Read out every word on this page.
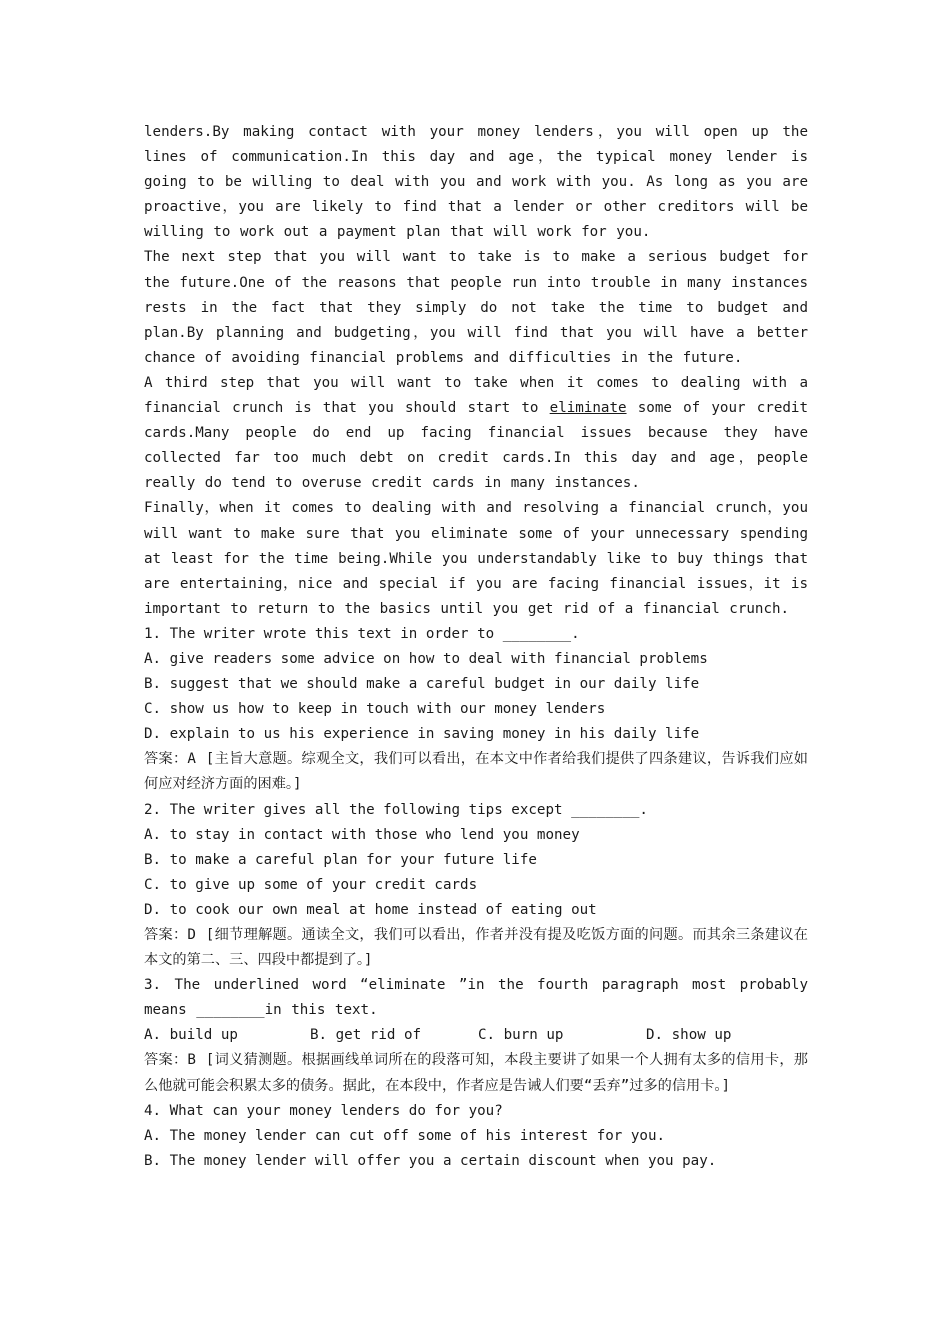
lenders.By making contact with your money lenders，you will open up the lines of communication.In this day and age，the typical money lender is going to be willing to deal with you and work with you. As long as you are proactive，you are likely to find that a lender or other creditors will be willing to work out a payment plan that will work for you.

The next step that you will want to take is to make a serious budget for the future.One of the reasons that people run into trouble in many instances rests in the fact that they simply do not take the time to budget and plan.By planning and budgeting，you will find that you will have a better chance of avoiding financial problems and difficulties in the future.

A third step that you will want to take when it comes to dealing with a financial crunch is that you should start to eliminate some of your credit cards.Many people do end up facing financial issues because they have collected far too much debt on credit cards.In this day and age，people really do tend to overuse credit cards in many instances.

Finally，when it comes to dealing with and resolving a financial crunch，you will want to make sure that you eliminate some of your unnecessary spending at least for the time being.While you understandably like to buy things that are entertaining，nice and special if you are facing financial issues，it is important to return to the basics until you get rid of a financial crunch.

1. The writer wrote this text in order to ________.

A. give readers some advice on how to deal with financial problems

B. suggest that we should make a careful budget in our daily life

C. show us how to keep in touch with our money lenders

D. explain to us his experience in saving money in his daily life

答案：A [主旨大意题。综观全文，我们可以看出，在本文中作者给我们提供了四条建议，告诉我们应如何应对经济方面的困难。]

2. The writer gives all the following tips except ________.

A. to stay in contact with those who lend you money

B. to make a careful plan for your future life

C. to give up some of your credit cards

D. to cook our own meal at home instead of eating out

答案：D [细节理解题。通读全文，我们可以看出，作者并没有提及吃饭方面的问题。而其余三条建议在本文的第二、三、四段中都提到了。]

3. The underlined word “eliminate ”in the fourth paragraph most probably means ________in this text.

A. build up	B. get rid of	C. burn up	D. show up

答案：B [词义猜测题。根据画线单词所在的段落可知，本段主要讲了如果一个人拥有太多的信用卡，那么他就可能会积累太多的债务。据此，在本段中，作者应是告诫人们要“丢弃”过多的信用卡。]

4. What can your money lenders do for you?

A. The money lender can cut off some of his interest for you.

B. The money lender will offer you a certain discount when you pay.
